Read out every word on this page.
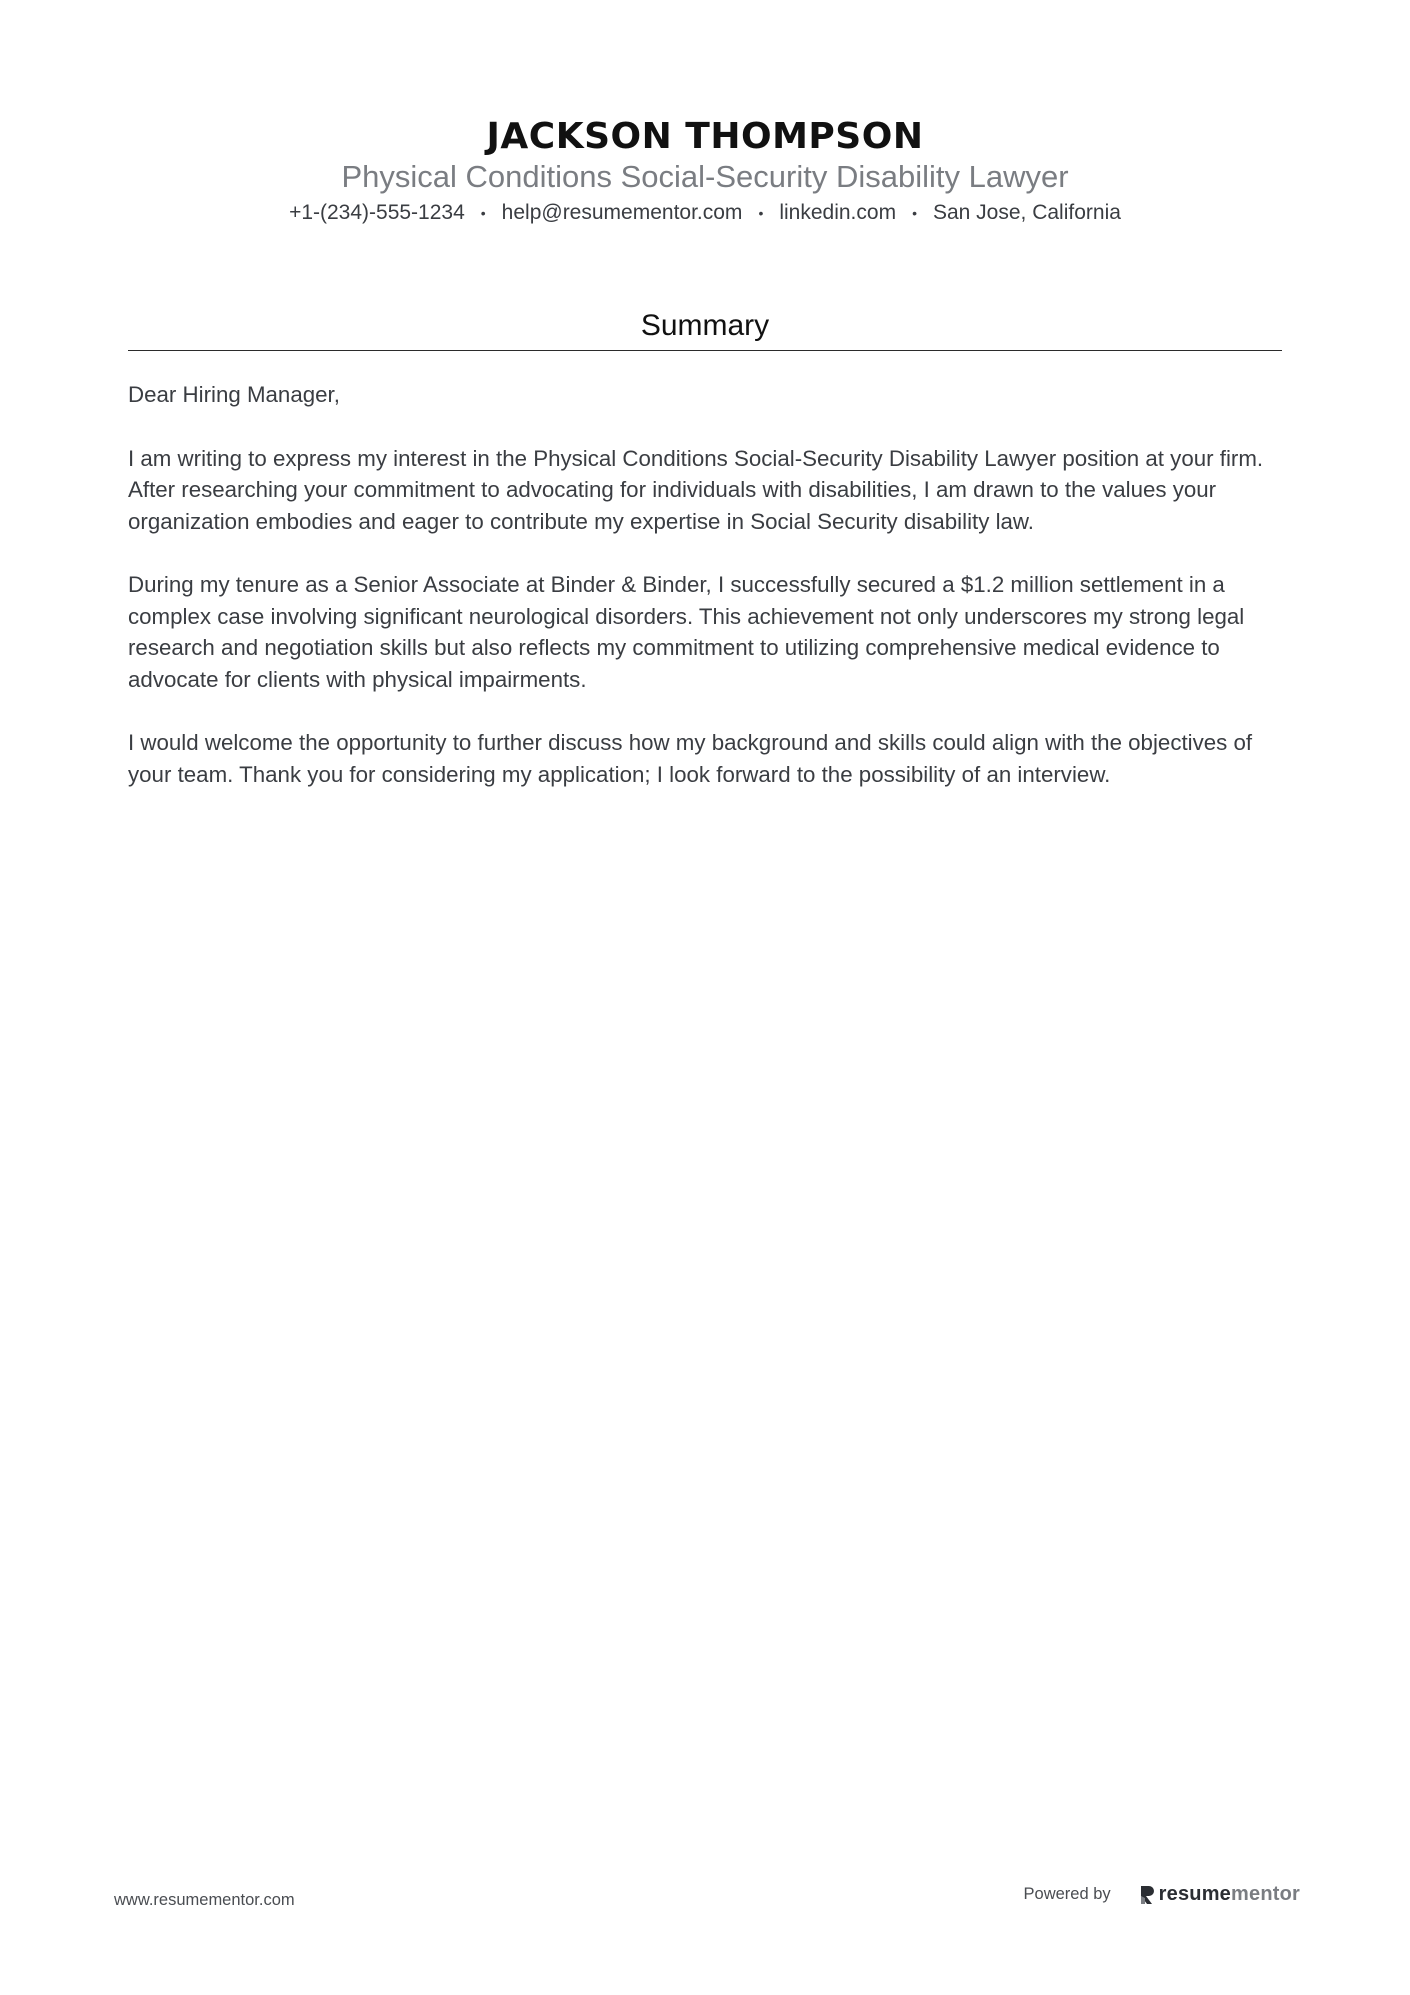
JACKSON THOMPSON
Physical Conditions Social-Security Disability Lawyer
+1-(234)-555-1234 • help@resumementor.com • linkedin.com • San Jose, California
Summary

Dear Hiring Manager,

I am writing to express my interest in the Physical Conditions Social-Security Disability Lawyer position at your firm. After researching your commitment to advocating for individuals with disabilities, I am drawn to the values your organization embodies and eager to contribute my expertise in Social Security disability law.

During my tenure as a Senior Associate at Binder & Binder, I successfully secured a $1.2 million settlement in a complex case involving significant neurological disorders. This achievement not only underscores my strong legal research and negotiation skills but also reflects my commitment to utilizing comprehensive medical evidence to advocate for clients with physical impairments.

I would welcome the opportunity to further discuss how my background and skills could align with the objectives of your team. Thank you for considering my application; I look forward to the possibility of an interview.

www.resumementor.com	Powered by resume mentor
